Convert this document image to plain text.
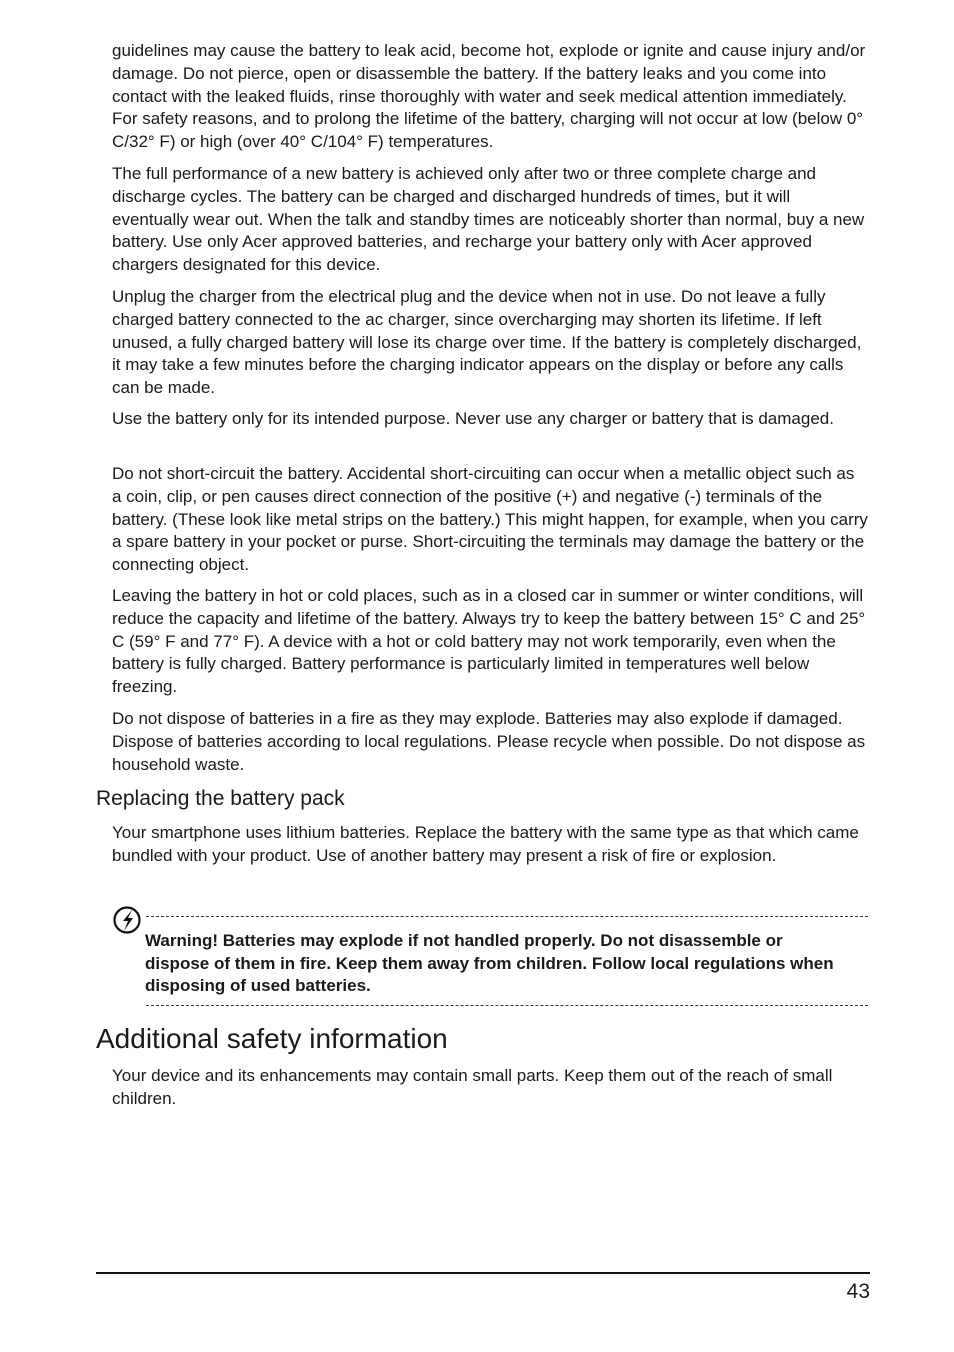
guidelines may cause the battery to leak acid, become hot, explode or ignite and cause injury and/or damage. Do not pierce, open or disassemble the battery. If the battery leaks and you come into contact with the leaked fluids, rinse thoroughly with water and seek medical attention immediately. For safety reasons, and to prolong the lifetime of the battery, charging will not occur at low (below 0° C/32° F) or high (over 40° C/104° F) temperatures.

The full performance of a new battery is achieved only after two or three complete charge and discharge cycles. The battery can be charged and discharged hundreds of times, but it will eventually wear out. When the talk and standby times are noticeably shorter than normal, buy a new battery. Use only Acer approved batteries, and recharge your battery only with Acer approved chargers designated for this device.

Unplug the charger from the electrical plug and the device when not in use. Do not leave a fully charged battery connected to the ac charger, since overcharging may shorten its lifetime. If left unused, a fully charged battery will lose its charge over time. If the battery is completely discharged, it may take a few minutes before the charging indicator appears on the display or before any calls can be made.

Use the battery only for its intended purpose. Never use any charger or battery that is damaged.

Do not short-circuit the battery. Accidental short-circuiting can occur when a metallic object such as a coin, clip, or pen causes direct connection of the positive (+) and negative (-) terminals of the battery. (These look like metal strips on the battery.) This might happen, for example, when you carry a spare battery in your pocket or purse. Short-circuiting the terminals may damage the battery or the connecting object.

Leaving the battery in hot or cold places, such as in a closed car in summer or winter conditions, will reduce the capacity and lifetime of the battery. Always try to keep the battery between 15° C and 25° C (59° F and 77° F). A device with a hot or cold battery may not work temporarily, even when the battery is fully charged. Battery performance is particularly limited in temperatures well below freezing.

Do not dispose of batteries in a fire as they may explode. Batteries may also explode if damaged. Dispose of batteries according to local regulations. Please recycle when possible. Do not dispose as household waste.

Replacing the battery pack

Your smartphone uses lithium batteries. Replace the battery with the same type as that which came bundled with your product. Use of another battery may present a risk of fire or explosion.

Warning! Batteries may explode if not handled properly. Do not disassemble or dispose of them in fire. Keep them away from children. Follow local regulations when disposing of used batteries.

Additional safety information

Your device and its enhancements may contain small parts. Keep them out of the reach of small children.

43
